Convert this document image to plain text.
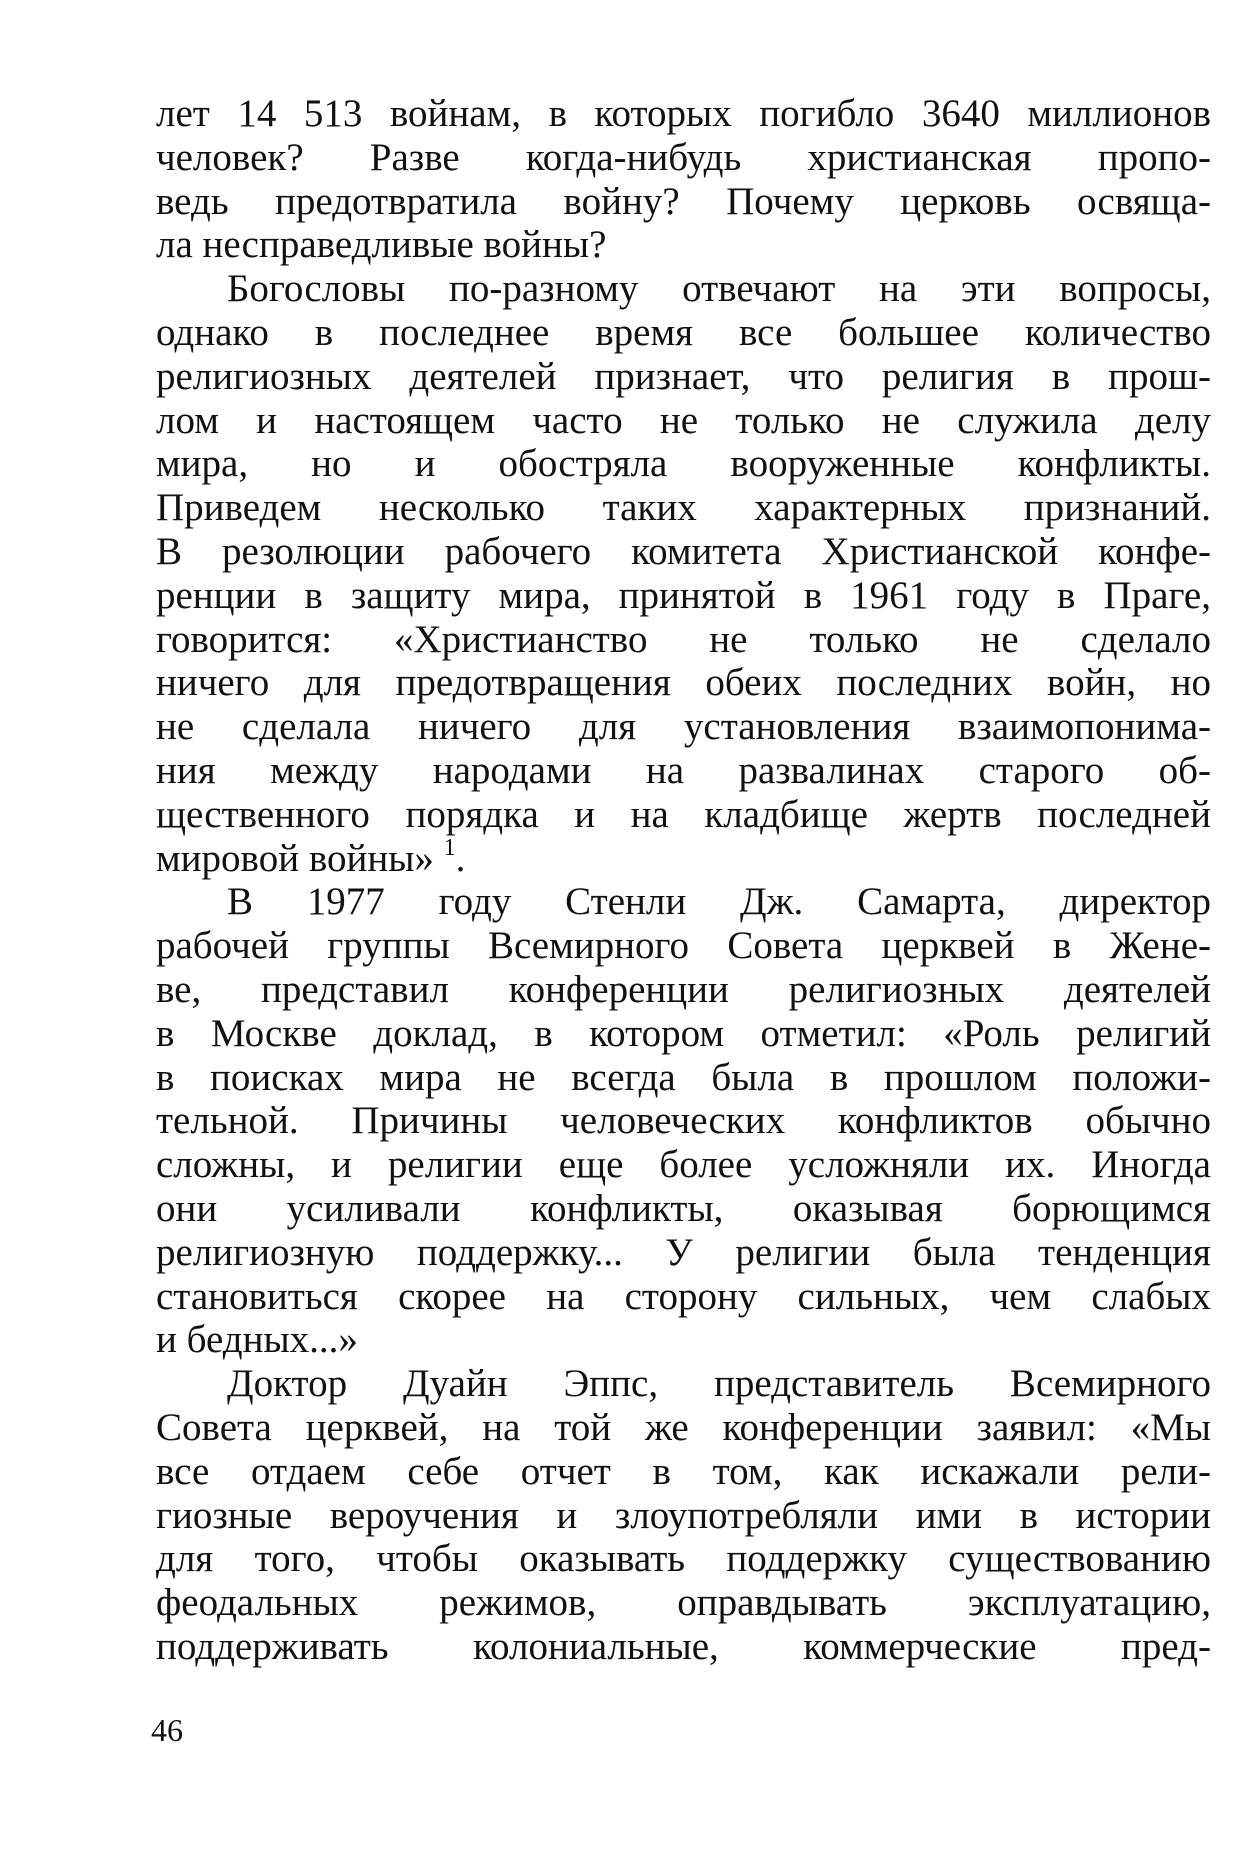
лет 14 513 войнам, в которых погибло 3640 миллионов
человек? Разве когда-нибудь христианская пропо-
ведь предотвратила войну? Почему церковь освяща-
ла несправедливые войны?
Богословы по-разному отвечают на эти вопросы,
однако в последнее время все большее количество
религиозных деятелей признает, что религия в прош-
лом и настоящем часто не только не служила делу
мира, но и обостряла вооруженные конфликты.
Приведем несколько таких характерных признаний.
В резолюции рабочего комитета Христианской конфе-
ренции в защиту мира, принятой в 1961 году в Праге,
говорится: «Христианство не только не сделало
ничего для предотвращения обеих последних войн, но
не сделала ничего для установления взаимопонима-
ния между народами на развалинах старого об-
щественного порядка и на кладбище жертв последней
мировой войны» $^1$.
В 1977 году Стенли Дж. Самарта, директор
рабочей группы Всемирного Совета церквей в Жене-
ве, представил конференции религиозных деятелей
в Москве доклад, в котором отметил: «Роль религий
в поисках мира не всегда была в прошлом положи-
тельной. Причины человеческих конфликтов обычно
сложны, и религии еще более усложняли их. Иногда
они усиливали конфликты, оказывая борющимся
религиозную поддержку... У религии была тенденция
становиться скорее на сторону сильных, чем слабых
и бедных...»
Доктор Дуайн Эппс, представитель Всемирного
Совета церквей, на той же конференции заявил: «Мы
все отдаем себе отчет в том, как искажали рели-
гиозные вероучения и злоупотребляли ими в истории
для того, чтобы оказывать поддержку существованию
феодальных режимов, оправдывать эксплуатацию,
поддерживать колониальные, коммерческие пред-
46
